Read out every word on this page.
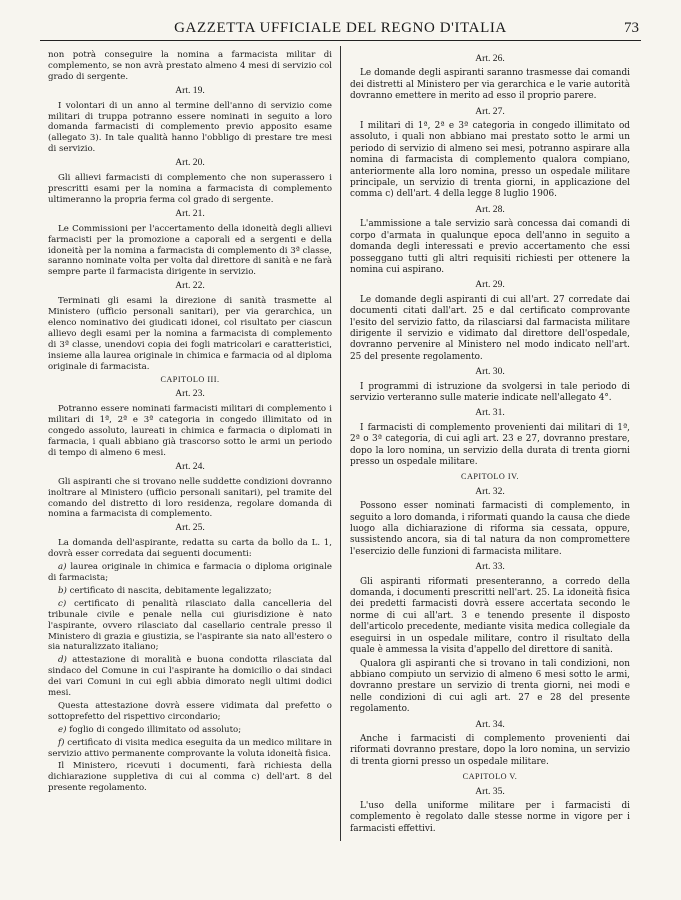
GAZZETTA UFFICIALE DEL REGNO D'ITALIA	73

non potrà conseguire la nomina a farmacista militar di complemento, se non avrà prestato almeno 4 mesi di servizio col grado di sergente.

Art. 19.

I volontari di un anno al termine dell'anno di servizio come militari di truppa potranno essere nominati in seguito a loro domanda farmacisti di complemento previo apposito esame (allegato 3). In tale qualità hanno l'obbligo di prestare tre mesi di servizio.

Art. 20.

Gli allievi farmacisti di complemento che non superassero i prescritti esami per la nomina a farmacista di complemento ultimeranno la propria ferma col grado di sergente.

Art. 21.

Le Commissioni per l'accertamento della idoneità degli allievi farmacisti per la promozione a caporali ed a sergenti e della idoneità per la nomina a farmacista di complemento di 3ª classe, saranno nominate volta per volta dal direttore di sanità e ne farà sempre parte il farmacista dirigente in servizio.

Art. 22.

Terminati gli esami la direzione di sanità trasmette al Ministero (ufficio personali sanitari), per via gerarchica, un elenco nominativo dei giudicati idonei, col risultato per ciascun allievo degli esami per la nomina a farmacista di complemento di 3ª classe, unendovi copia dei fogli matricolari e caratteristici, insieme alla laurea originale in chimica e farmacia od al diploma originale di farmacista.

CAPITOLO III.
Art. 23.

Potranno essere nominati farmacisti militari di complemento i militari di 1ª, 2ª e 3ª categoria in congedo illimitato od in congedo assoluto, laureati in chimica e farmacia o diplomati in farmacia, i quali abbiano già trascorso sotto le armi un periodo di tempo di almeno 6 mesi.

Art. 24.

Gli aspiranti che si trovano nelle suddette condizioni dovranno inoltrare al Ministero (ufficio personali sanitari), pel tramite del comando del distretto di loro residenza, regolare domanda di nomina a farmacista di complemento.

Art. 25.

La domanda dell'aspirante, redatta su carta da bollo da L. 1, dovrà esser corredata dai seguenti documenti:

a) laurea originale in chimica e farmacia o diploma originale di farmacista;

b) certificato di nascita, debitamente legalizzato;

c) certificato di penalità rilasciato dalla cancelleria del tribunale civile e penale nella cui giurisdizione è nato l'aspirante, ovvero rilasciato dal casellario centrale presso il Ministero di grazia e giustizia, se l'aspirante sia nato all'estero o sia naturalizzato italiano;

d) attestazione di moralità e buona condotta rilasciata dal sindaco del Comune in cui l'aspirante ha domicilio o dai sindaci dei vari Comuni in cui egli abbia dimorato negli ultimi dodici mesi.

Questa attestazione dovrà essere vidimata dal prefetto o sottoprefetto del rispettivo circondario;

e) foglio di congedo illimitato od assoluto;

f) certificato di visita medica eseguita da un medico militare in servizio attivo permanente comprovante la voluta idoneità fisica.

Il Ministero, ricevuti i documenti, farà richiesta della dichiarazione suppletiva di cui al comma c) dell'art. 8 del presente regolamento.

Art. 26.

Le domande degli aspiranti saranno trasmesse dai comandi dei distretti al Ministero per via gerarchica e le varie autorità dovranno emettere in merito ad esso il proprio parere.

Art. 27.

I militari di 1ª, 2ª e 3ª categoria in congedo illimitato od assoluto, i quali non abbiano mai prestato sotto le armi un periodo di servizio di almeno sei mesi, potranno aspirare alla nomina di farmacista di complemento qualora compiano, anteriormente alla loro nomina, presso un ospedale militare principale, un servizio di trenta giorni, in applicazione del comma c) dell'art. 4 della legge 8 luglio 1906.

Art. 28.

L'ammissione a tale servizio sarà concessa dai comandi di corpo d'armata in qualunque epoca dell'anno in seguito a domanda degli interessati e previo accertamento che essi posseggano tutti gli altri requisiti richiesti per ottenere la nomina cui aspirano.

Art. 29.

Le domande degli aspiranti di cui all'art. 27 corredate dai documenti citati dall'art. 25 e dal certificato comprovante l'esito del servizio fatto, da rilasciarsi dal farmacista militare dirigente il servizio e vidimato dal direttore dell'ospedale, dovranno pervenire al Ministero nel modo indicato nell'art. 25 del presente regolamento.

Art. 30.

I programmi di istruzione da svolgersi in tale periodo di servizio verteranno sulle materie indicate nell'allegato 4°.

Art. 31.

I farmacisti di complemento provenienti dai militari di 1ª, 2ª o 3ª categoria, di cui agli art. 23 e 27, dovranno prestare, dopo la loro nomina, un servizio della durata di trenta giorni presso un ospedale militare.

CAPITOLO IV.
Art. 32.

Possono esser nominati farmacisti di complemento, in seguito a loro domanda, i riformati quando la causa che diede luogo alla dichiarazione di riforma sia cessata, oppure, sussistendo ancora, sia di tal natura da non compromettere l'esercizio delle funzioni di farmacista militare.

Art. 33.

Gli aspiranti riformati presenteranno, a corredo della domanda, i documenti prescritti nell'art. 25. La idoneità fisica dei predetti farmacisti dovrà essere accertata secondo le norme di cui all'art. 3 e tenendo presente il disposto dell'articolo precedente, mediante visita medica collegiale da eseguirsi in un ospedale militare, contro il risultato della quale è ammessa la visita d'appello del direttore di sanità.

Qualora gli aspiranti che si trovano in tali condizioni, non abbiano compiuto un servizio di almeno 6 mesi sotto le armi, dovranno prestare un servizio di trenta giorni, nei modi e nelle condizioni di cui agli art. 27 e 28 del presente regolamento.

Art. 34.

Anche i farmacisti di complemento provenienti dai riformati dovranno prestare, dopo la loro nomina, un servizio di trenta giorni presso un ospedale militare.

CAPITOLO V.
Art. 35.

L'uso della uniforme militare per i farmacisti di complemento è regolato dalle stesse norme in vigore per i farmacisti effettivi.
